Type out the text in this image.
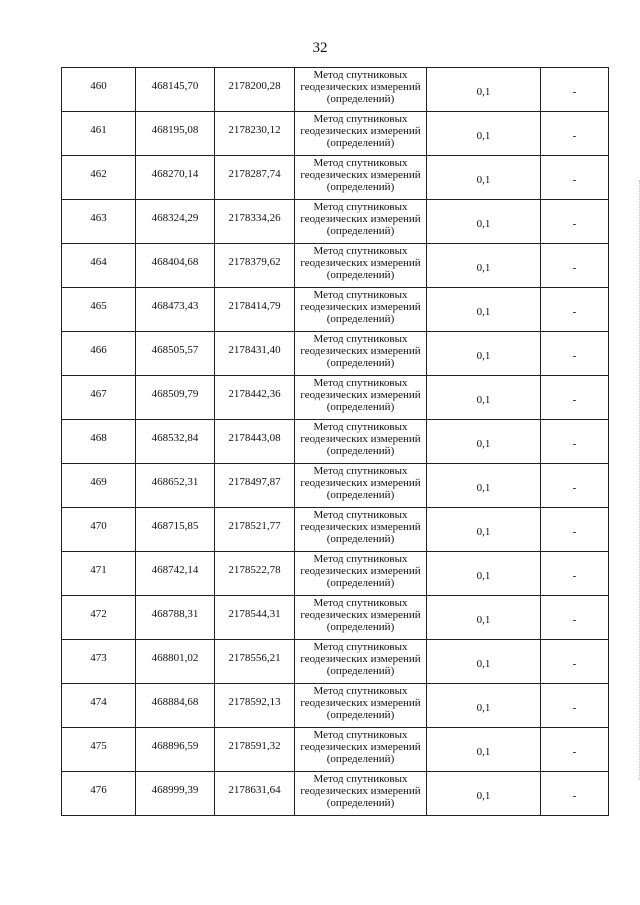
32
460	468145,70	2178200,28	Метод спутниковых
геодезических измерений
(определений)	0,1	-
461	468195,08	2178230,12	Метод спутниковых
геодезических измерений
(определений)	0,1	-
462	468270,14	2178287,74	Метод спутниковых
геодезических измерений
(определений)	0,1	-
463	468324,29	2178334,26	Метод спутниковых
геодезических измерений
(определений)	0,1	-
464	468404,68	2178379,62	Метод спутниковых
геодезических измерений
(определений)	0,1	-
465	468473,43	2178414,79	Метод спутниковых
геодезических измерений
(определений)	0,1	-
466	468505,57	2178431,40	Метод спутниковых
геодезических измерений
(определений)	0,1	-
467	468509,79	2178442,36	Метод спутниковых
геодезических измерений
(определений)	0,1	-
468	468532,84	2178443,08	Метод спутниковых
геодезических измерений
(определений)	0,1	-
469	468652,31	2178497,87	Метод спутниковых
геодезических измерений
(определений)	0,1	-
470	468715,85	2178521,77	Метод спутниковых
геодезических измерений
(определений)	0,1	-
471	468742,14	2178522,78	Метод спутниковых
геодезических измерений
(определений)	0,1	-
472	468788,31	2178544,31	Метод спутниковых
геодезических измерений
(определений)	0,1	-
473	468801,02	2178556,21	Метод спутниковых
геодезических измерений
(определений)	0,1	-
474	468884,68	2178592,13	Метод спутниковых
геодезических измерений
(определений)	0,1	-
475	468896,59	2178591,32	Метод спутниковых
геодезических измерений
(определений)	0,1	-
476	468999,39	2178631,64	Метод спутниковых
геодезических измерений
(определений)	0,1	-
